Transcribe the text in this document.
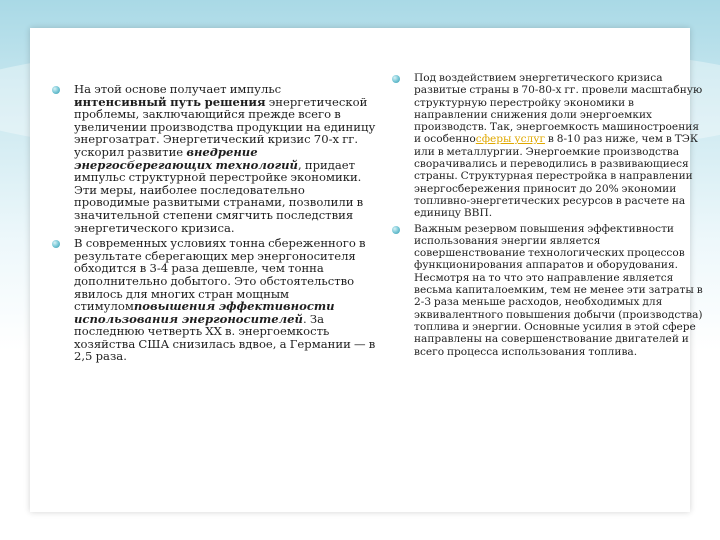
На этой основе получает импульс интенсивный путь решения энергетической проблемы, заключающийся прежде всего в увеличении производства продукции на единицу энергозатрат. Энергетический кризис 70-х гг. ускорил развитие внедрение энергосберегающих технологий, придает импульс структурной перестройке экономики. Эти меры, наиболее последовательно проводимые развитыми странами, позволили в значительной степени смягчить последствия энергетического кризиса.
В современных условиях тонна сбереженного в результате сберегающих мер энергоносителя обходится в 3-4 раза дешевле, чем тонна дополнительно добытого. Это обстоятельство явилось для многих стран мощным стимуломповышения эффективности использования энергоносителей. За последнюю четверть XX в. энергоемкость хозяйства США снизилась вдвое, а Германии — в 2,5 раза.
Под воздействием энергетического кризиса развитые страны в 70-80-х гг. провели масштабную структурную перестройку экономики в направлении снижения доли энергоемких производств. Так, энергоемкость машиностроения и особенносферы услуг в 8-10 раз ниже, чем в ТЭК или в металлургии. Энергоемкие производства сворачивались и переводились в развивающиеся страны. Структурная перестройка в направлении энергосбережения приносит до 20% экономии топливно-энергетических ресурсов в расчете на единицу ВВП.
Важным резервом повышения эффективности использования энергии является совершенствование технологических процессов функционирования аппаратов и оборудования. Несмотря на то что это направление является весьма капиталоемким, тем не менее эти затраты в 2-3 раза меньше расходов, необходимых для эквивалентного повышения добычи (производства) топлива и энергии. Основные усилия в этой сфере направлены на совершенствование двигателей и всего процесса использования топлива.
